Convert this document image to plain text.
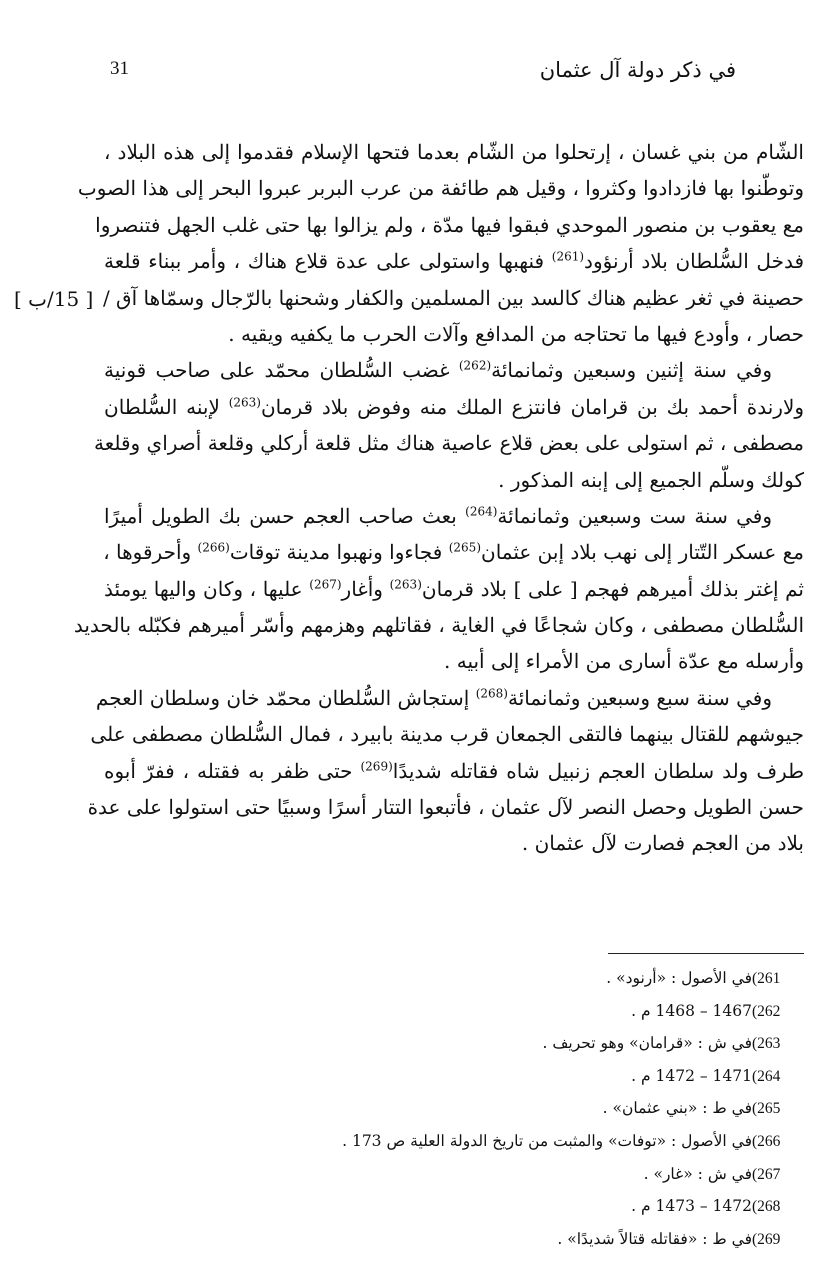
31	في ذكر دولة آل عثمان
[ 15/ب ]
الشّام من بني غسان ، إرتحلوا من الشّام بعدما فتحها الإسلام فقدموا إلى هذه البلاد ،
وتوطّنوا بها فازدادوا وكثروا ، وقيل هم طائفة من عرب البربر عبروا البحر إلى هذا الصوب
مع يعقوب بن منصور الموحدي فبقوا فيها مدّة ، ولم يزالوا بها حتى غلب الجهل فتنصروا
فدخل السُّلطان بلاد أرنؤود$^{(261)}$ فنهبها واستولى على عدة قلاع هناك ، وأمر ببناء قلعة
حصينة في ثغر عظيم هناك كالسد بين المسلمين والكفار وشحنها بالرّجال وسمّاها آق /
حصار ، وأودع فيها ما تحتاجه من المدافع وآلات الحرب ما يكفيه ويقيه .
وفي سنة إثنين وسبعين وثمانمائة$^{(262)}$ غضب السُّلطان محمّد على صاحب قونية
ولارندة أحمد بك بن قرامان فانتزع الملك منه وفوض بلاد قرمان$^{(263)}$ لإبنه السُّلطان
مصطفى ، ثم استولى على بعض قلاع عاصية هناك مثل قلعة أركلي وقلعة أصراي وقلعة
كولك وسلّم الجميع إلى إبنه المذكور .
وفي سنة ست وسبعين وثمانمائة$^{(264)}$ بعث صاحب العجم حسن بك الطويل أميرًا
مع عسكر التّتار إلى نهب بلاد إبن عثمان$^{(265)}$ فجاءوا ونهبوا مدينة توقات$^{(266)}$ وأحرقوها ،
ثم إغتر بذلك أميرهم فهجم [ على ] بلاد قرمان$^{(263)}$ وأغار$^{(267)}$ عليها ، وكان واليها يومئذ
السُّلطان مصطفى ، وكان شجاعًا في الغاية ، فقاتلهم وهزمهم وأسّر أميرهم فكبّله بالحديد
وأرسله مع عدّة أسارى من الأمراء إلى أبيه .
وفي سنة سبع وسبعين وثمانمائة$^{(268)}$ إستجاش السُّلطان محمّد خان وسلطان العجم
جيوشهم للقتال بينهما فالتقى الجمعان قرب مدينة بابيرد ، فمال السُّلطان مصطفى على
طرف ولد سلطان العجم زنبيل شاه فقاتله شديدًا$^{(269)}$ حتى ظفر به فقتله ، ففرّ أبوه
حسن الطويل وحصل النصر لآل عثمان ، فأتبعوا التتار أسرًا وسبيًا حتى استولوا على عدة
بلاد من العجم فصارت لآل عثمان .
(261في الأصول : «أرنود» .
(2621467 – 1468 م .
(263في ش : «قرامان» وهو تحريف .
(2641471 – 1472 م .
(265في ط : «بني عثمان» .
(266في الأصول : «توفات» والمثبت من تاريخ الدولة العلية ص 173 .
(267في ش : «غار» .
(2681472 – 1473 م .
(269في ط : «فقاتله قتالاً شديدًا» .
